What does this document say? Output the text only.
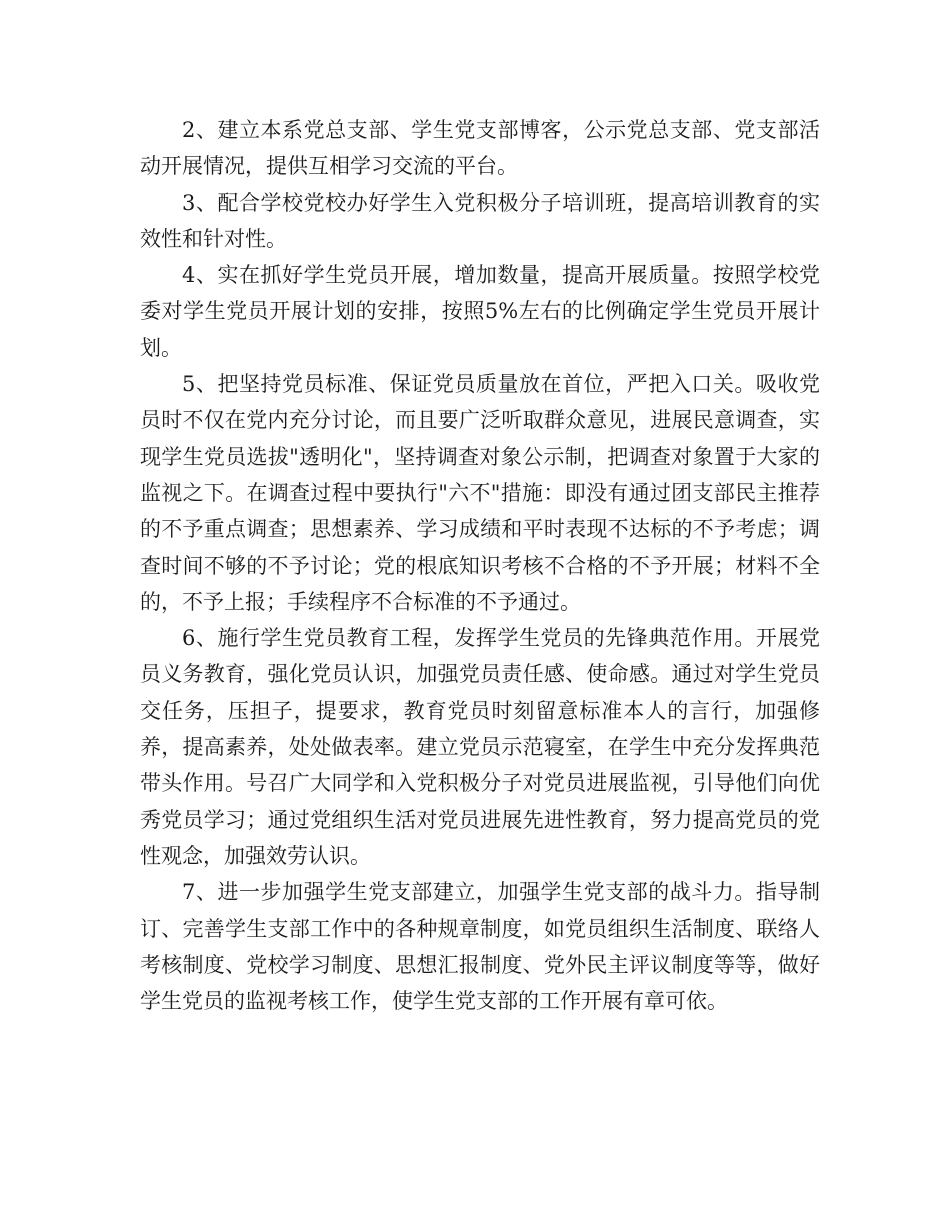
2、建立本系党总支部、学生党支部博客，公示党总支部、党支部活动开展情况，提供互相学习交流的平台。

3、配合学校党校办好学生入党积极分子培训班，提高培训教育的实效性和针对性。

4、实在抓好学生党员开展，增加数量，提高开展质量。按照学校党委对学生党员开展计划的安排，按照5%左右的比例确定学生党员开展计划。

5、把坚持党员标准、保证党员质量放在首位，严把入口关。吸收党员时不仅在党内充分讨论，而且要广泛听取群众意见，进展民意调查，实现学生党员选拔"透明化"，坚持调查对象公示制，把调查对象置于大家的监视之下。在调查过程中要执行"六不"措施：即没有通过团支部民主推荐的不予重点调查；思想素养、学习成绩和平时表现不达标的不予考虑；调查时间不够的不予讨论；党的根底知识考核不合格的不予开展；材料不全的，不予上报；手续程序不合标准的不予通过。

6、施行学生党员教育工程，发挥学生党员的先锋典范作用。开展党员义务教育，强化党员认识，加强党员责任感、使命感。通过对学生党员交任务，压担子，提要求，教育党员时刻留意标准本人的言行，加强修养，提高素养，处处做表率。建立党员示范寝室，在学生中充分发挥典范带头作用。号召广大同学和入党积极分子对党员进展监视，引导他们向优秀党员学习；通过党组织生活对党员进展先进性教育，努力提高党员的党性观念，加强效劳认识。

7、进一步加强学生党支部建立，加强学生党支部的战斗力。指导制订、完善学生支部工作中的各种规章制度，如党员组织生活制度、联络人考核制度、党校学习制度、思想汇报制度、党外民主评议制度等等，做好学生党员的监视考核工作，使学生党支部的工作开展有章可依。
